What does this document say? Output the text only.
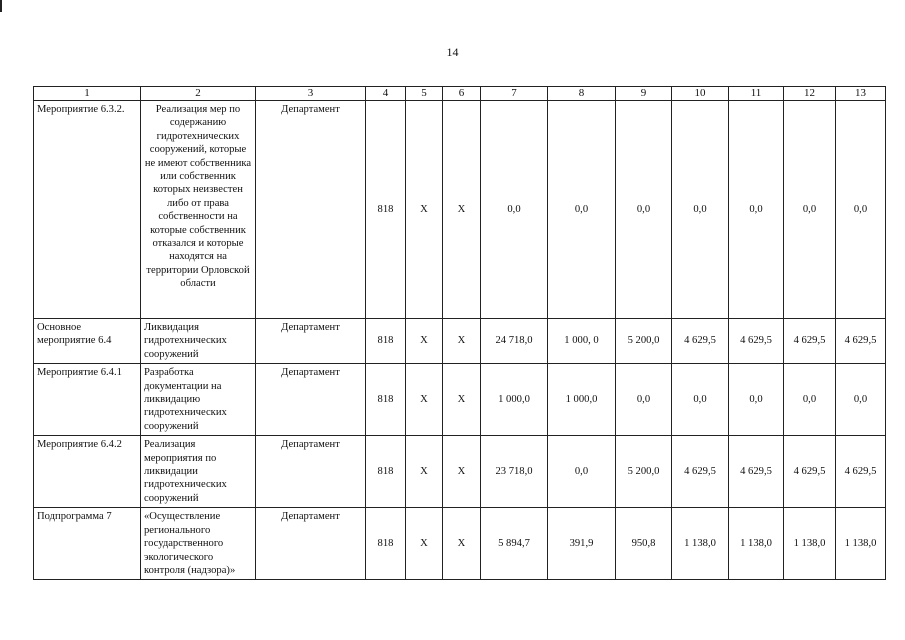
14
1	2	3	4	5	6	7	8	9	10	11	12	13
Мероприятие 6.3.2.	Реализация мер по содержанию гидротехнических сооружений, которые не имеют собственника или собственник которых неизвестен либо от права собственности на которые собственник отказался и которые находятся на территории Орловской области	Департамент	818	Х	Х	0,0	0,0	0,0	0,0	0,0	0,0	0,0
Основное мероприятие 6.4	Ликвидация гидротехнических сооружений	Департамент	818	Х	Х	24 718,0	1 000, 0	5 200,0	4 629,5	4 629,5	4 629,5	4 629,5
Мероприятие 6.4.1	Разработка документации на ликвидацию гидротехнических сооружений	Департамент	818	Х	Х	1 000,0	1 000,0	0,0	0,0	0,0	0,0	0,0
Мероприятие 6.4.2	Реализация мероприятия по ликвидации гидротехнических сооружений	Департамент	818	Х	Х	23 718,0	0,0	5 200,0	4 629,5	4 629,5	4 629,5	4 629,5
Подпрограмма 7	«Осуществление регионального государственного экологического контроля (надзора)»	Департамент	818	Х	Х	5 894,7	391,9	950,8	1 138,0	1 138,0	1 138,0	1 138,0
